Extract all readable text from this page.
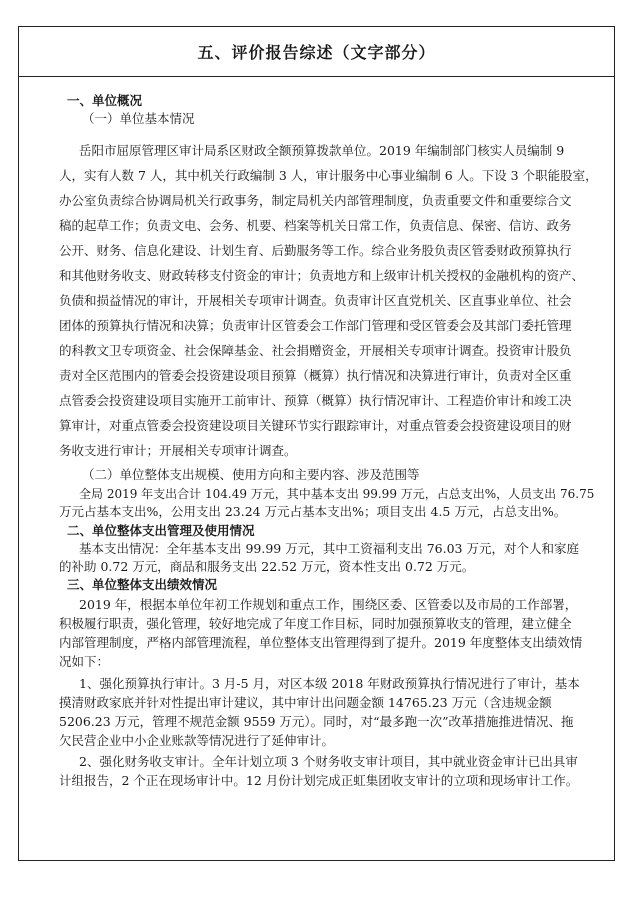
五、评价报告综述（文字部分）
一、单位概况
（一）单位基本情况
岳阳市屈原管理区审计局系区财政全额预算拨款单位。2019 年编制部门核实人员编制 9
人，实有人数 7 人，其中机关行政编制 3 人，审计服务中心事业编制 6 人。下设 3 个职能股室，
办公室负责综合协调局机关行政事务，制定局机关内部管理制度，负责重要文件和重要综合文
稿的起草工作；负责文电、会务、机要、档案等机关日常工作，负责信息、保密、信访、政务
公开、财务、信息化建设、计划生育、后勤服务等工作。综合业务股负责区管委财政预算执行
和其他财务收支、财政转移支付资金的审计；负责地方和上级审计机关授权的金融机构的资产、
负债和损益情况的审计，开展相关专项审计调查。负责审计区直党机关、区直事业单位、社会
团体的预算执行情况和决算；负责审计区管委会工作部门管理和受区管委会及其部门委托管理
的科教文卫专项资金、社会保障基金、社会捐赠资金，开展相关专项审计调查。投资审计股负
责对全区范围内的管委会投资建设项目预算（概算）执行情况和决算进行审计，负责对全区重
点管委会投资建设项目实施开工前审计、预算（概算）执行情况审计、工程造价审计和竣工决
算审计，对重点管委会投资建设项目关键环节实行跟踪审计，对重点管委会投资建设项目的财
务收支进行审计；开展相关专项审计调查。
（二）单位整体支出规模、使用方向和主要内容、涉及范围等
全局 2019 年支出合计 104.49 万元，其中基本支出 99.99 万元，占总支出%，人员支出 76.75
万元占基本支出%，公用支出 23.24 万元占基本支出%；项目支出 4.5 万元，占总支出%。
二、单位整体支出管理及使用情况
基本支出情况：全年基本支出 99.99 万元，其中工资福利支出 76.03 万元，对个人和家庭
的补助 0.72 万元，商品和服务支出 22.52 万元，资本性支出 0.72 万元。
三、单位整体支出绩效情况
2019 年，根据本单位年初工作规划和重点工作，围绕区委、区管委以及市局的工作部署，
积极履行职责，强化管理，较好地完成了年度工作目标，同时加强预算收支的管理，建立健全
内部管理制度，严格内部管理流程，单位整体支出管理得到了提升。2019 年度整体支出绩效情
况如下：
1、强化预算执行审计。3 月-5 月，对区本级 2018 年财政预算执行情况进行了审计，基本
摸清财政家底并针对性提出审计建议，其中审计出问题金额 14765.23 万元（含违规金额
5206.23 万元，管理不规范金额 9559 万元）。同时，对“最多跑一次”改革措施推进情况、拖
欠民营企业中小企业账款等情况进行了延伸审计。
2、强化财务收支审计。全年计划立项 3 个财务收支审计项目，其中就业资金审计已出具审
计组报告，2 个正在现场审计中。12 月份计划完成正虹集团收支审计的立项和现场审计工作。
